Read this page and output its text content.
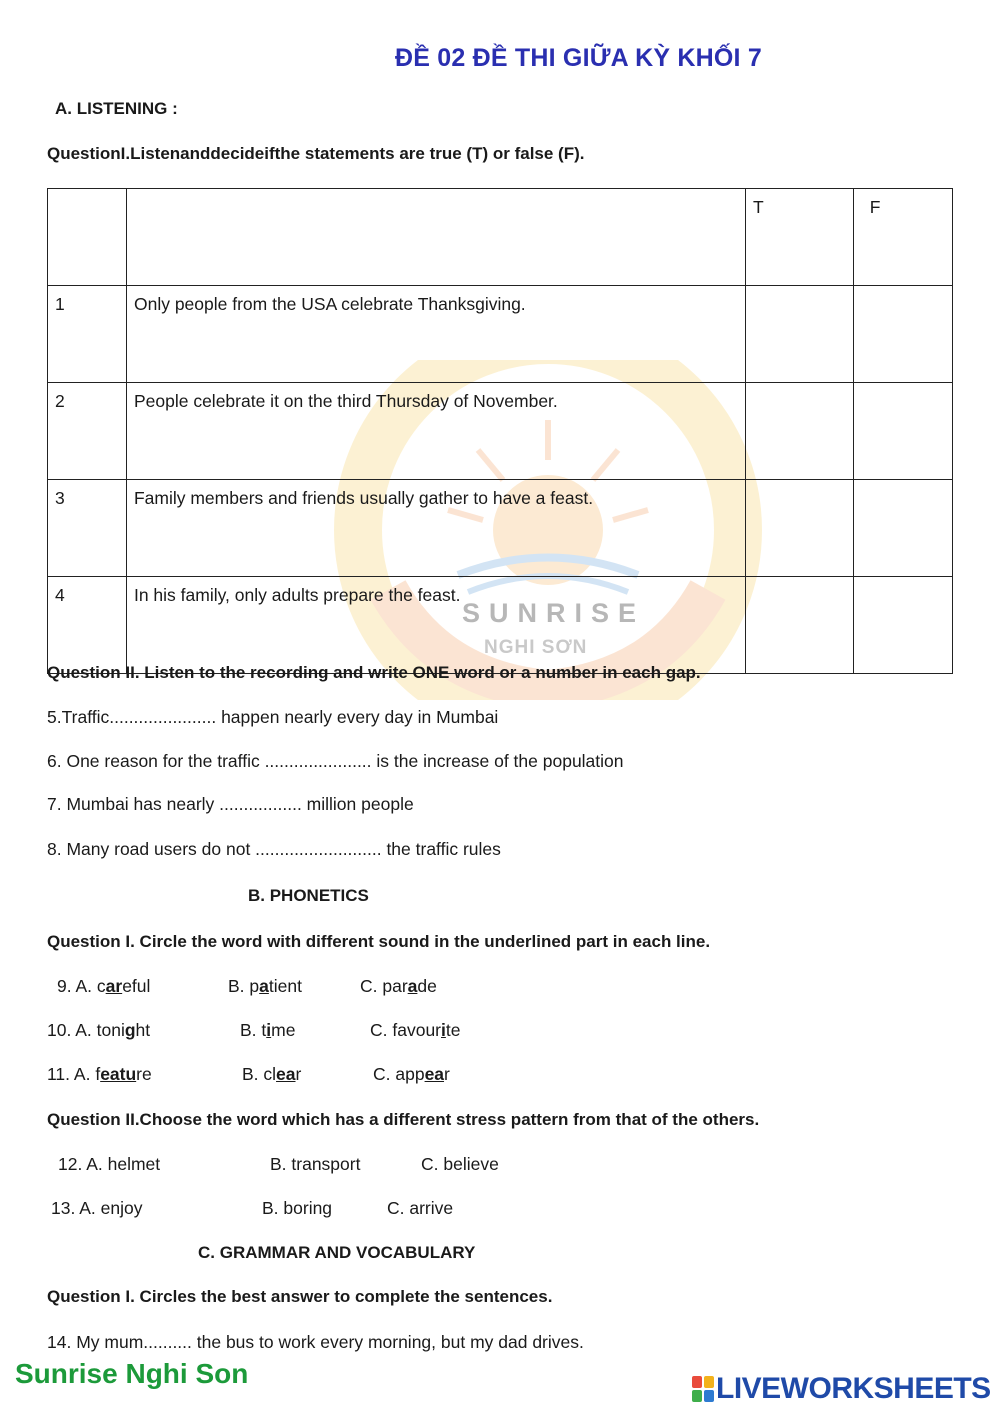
SUNRISE
NGHI SƠN
ĐỀ 02 ĐỀ THI GIỮA KỲ KHỐI 7
A. LISTENING :
QuestionI.Listenanddecideifthe statements are true (T) or false (F).
		T	F
1	Only people from the USA celebrate Thanksgiving.		
2	People celebrate it on the third Thursday of November.		
3	Family members and friends usually gather to have a feast.		
4	In his family, only adults prepare the feast.		
Question II. Listen to the recording and write ONE word or a number in each gap.
5.Traffic...................... happen nearly every day in Mumbai
6. One reason for the traffic ...................... is the increase of the population
7. Mumbai has nearly ................. million people
8. Many road users do not .......................... the traffic rules
B. PHONETICS
Question I. Circle the word with different sound in the underlined part in each line.
9. A. careful	B. patient	C. parade
10. A. tonight	B. time	C. favourite
11. A. feature	B. clear	C. appear
Question II.Choose the word which has a different stress pattern from that of the others.
12. A. helmet	B. transport	C. believe
13. A. enjoy	B. boring	C. arrive
C. GRAMMAR AND VOCABULARY
Question I. Circles the best answer to complete the sentences.
14. My mum.......... the bus to work every morning, but my dad drives.
Sunrise Nghi Son	LIVEWORKSHEETS
